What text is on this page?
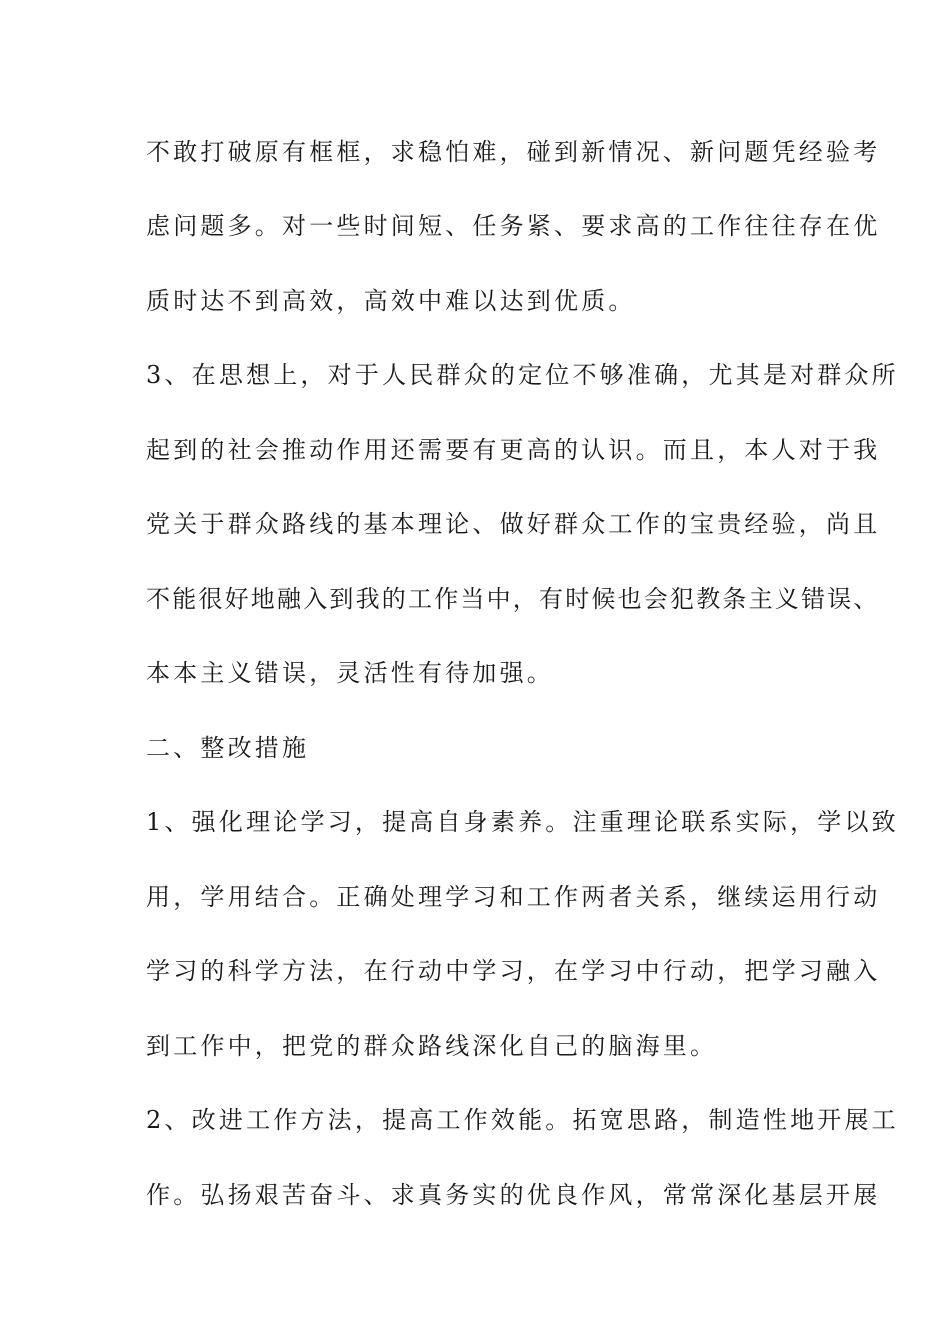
不敢打破原有框框，求稳怕难，碰到新情况、新问题凭经验考
虑问题多。对一些时间短、任务紧、要求高的工作往往存在优
质时达不到高效，高效中难以达到优质。
3、在思想上，对于人民群众的定位不够准确，尤其是对群众所
起到的社会推动作用还需要有更高的认识。而且，本人对于我
党关于群众路线的基本理论、做好群众工作的宝贵经验，尚且
不能很好地融入到我的工作当中，有时候也会犯教条主义错误、
本本主义错误，灵活性有待加强。
二、整改措施
1、强化理论学习，提高自身素养。注重理论联系实际，学以致
用，学用结合。正确处理学习和工作两者关系，继续运用行动
学习的科学方法，在行动中学习，在学习中行动，把学习融入
到工作中，把党的群众路线深化自己的脑海里。
2、改进工作方法，提高工作效能。拓宽思路，制造性地开展工
作。弘扬艰苦奋斗、求真务实的优良作风，常常深化基层开展
